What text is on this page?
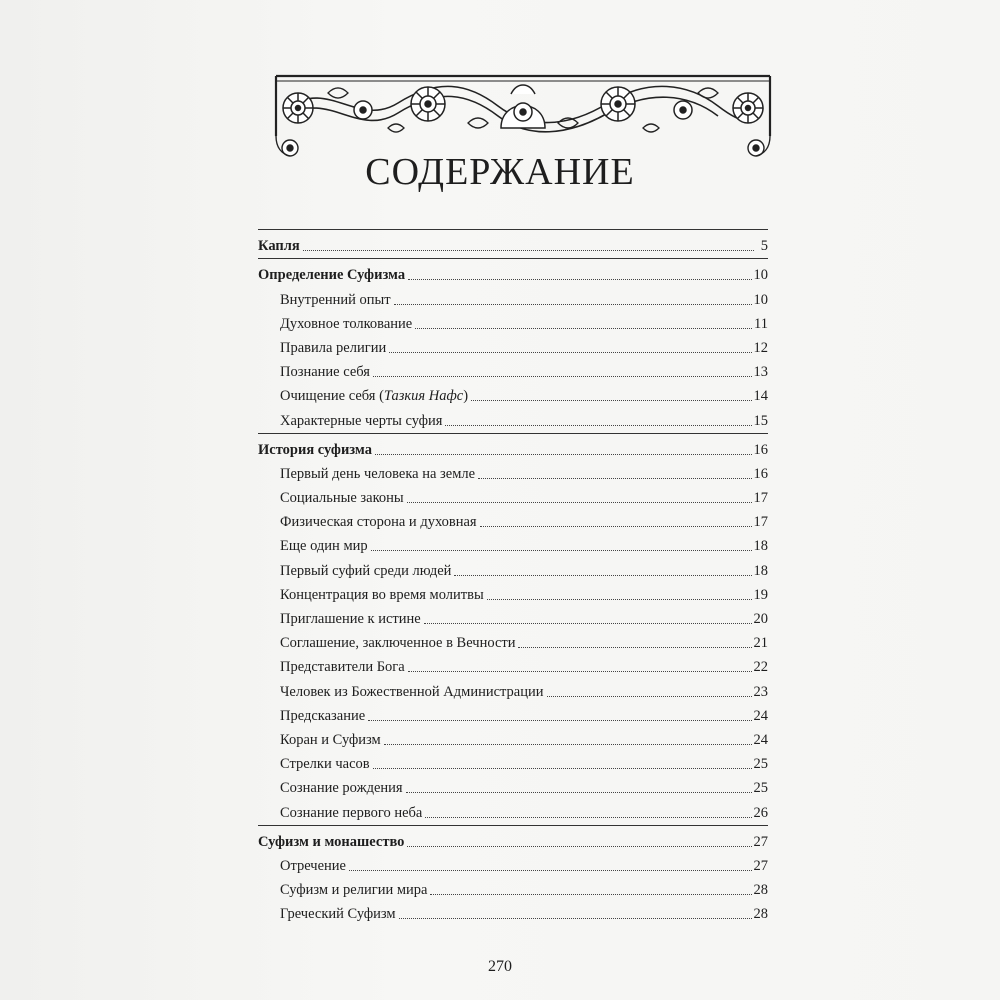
СОДЕРЖАНИЕ
Капля	5
Определение Суфизма	10
Внутренний опыт	10
Духовное толкование	11
Правила религии	12
Познание себя	13
Очищение себя (Тазкия Нафс)	14
Характерные черты суфия	15
История суфизма	16
Первый день человека на земле	16
Социальные законы	17
Физическая сторона и духовная	17
Еще один мир	18
Первый суфий среди людей	18
Концентрация во время молитвы	19
Приглашение к истине	20
Соглашение, заключенное в Вечности	21
Представители Бога	22
Человек из Божественной Администрации	23
Предсказание	24
Коран и Суфизм	24
Стрелки часов	25
Сознание рождения	25
Сознание первого неба	26
Суфизм и монашество	27
Отречение	27
Суфизм и религии мира	28
Греческий Суфизм	28
270
